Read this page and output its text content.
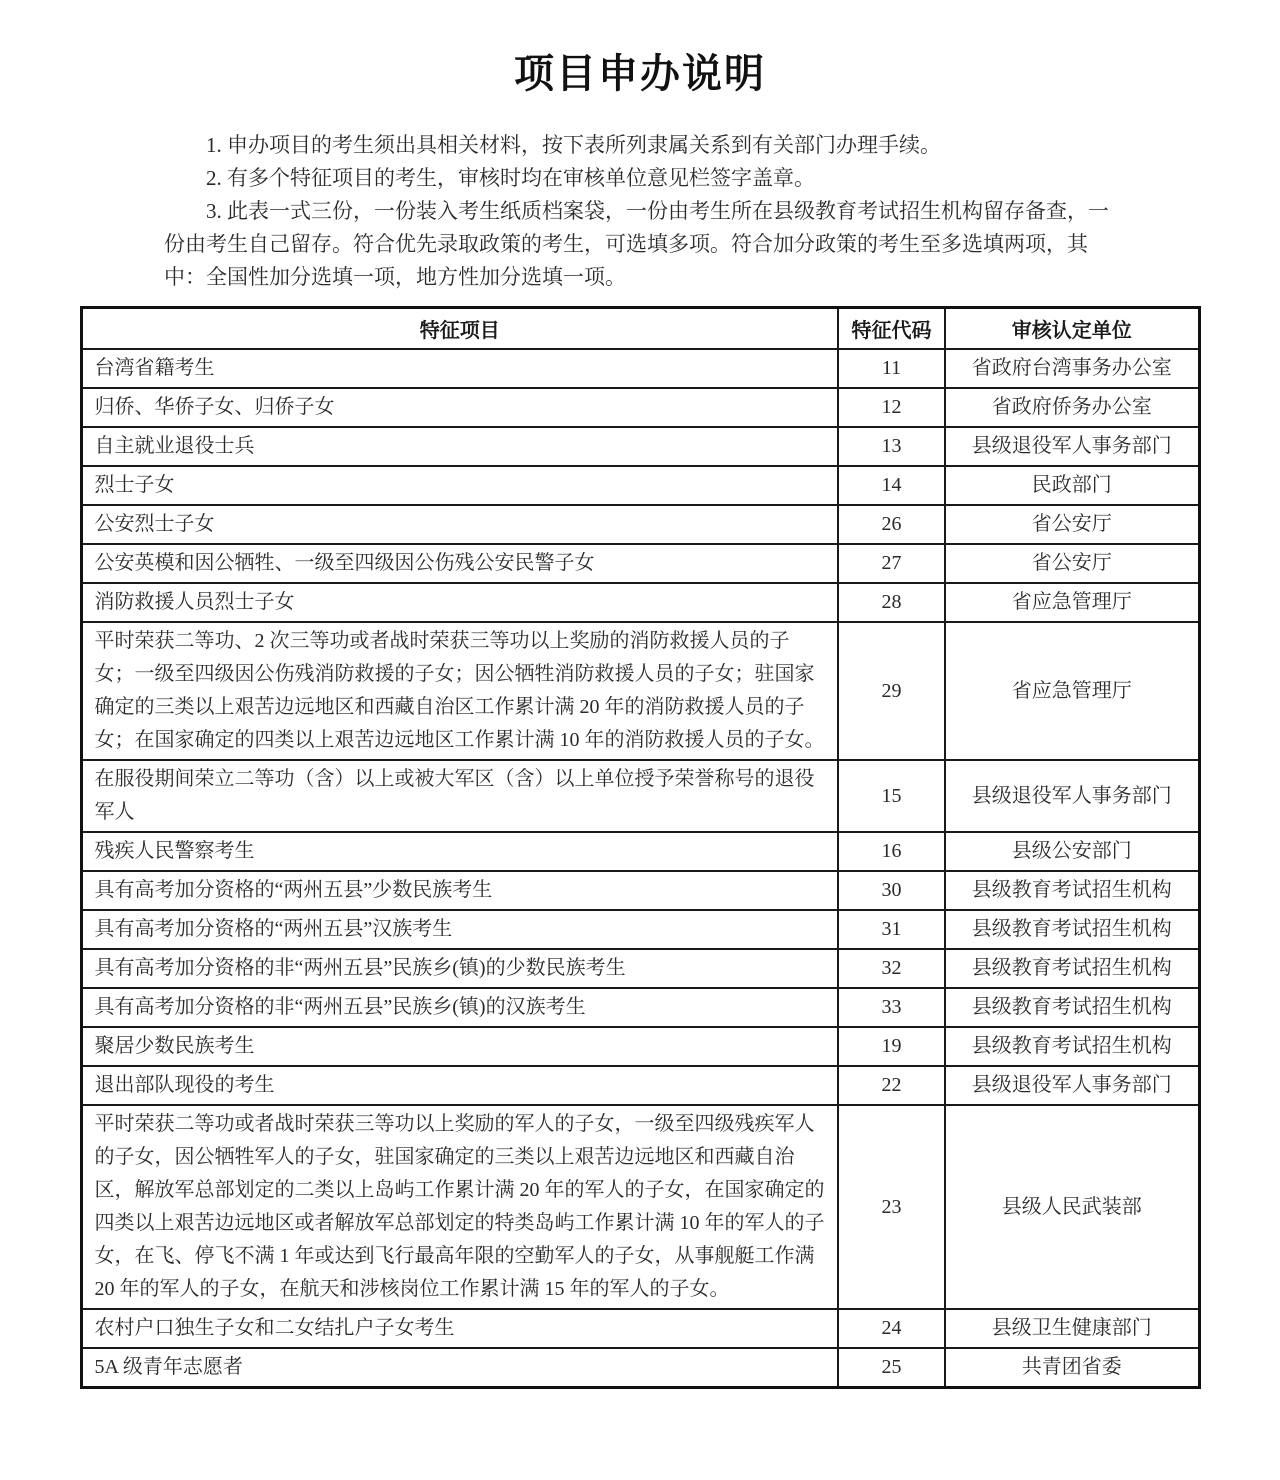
项目申办说明

1. 申办项目的考生须出具相关材料，按下表所列隶属关系到有关部门办理手续。

2. 有多个特征项目的考生，审核时均在审核单位意见栏签字盖章。

3. 此表一式三份，一份装入考生纸质档案袋，一份由考生所在县级教育考试招生机构留存备查，一份由考生自己留存。符合优先录取政策的考生，可选填多项。符合加分政策的考生至多选填两项，其中：全国性加分选填一项，地方性加分选填一项。

特征项目	特征代码	审核认定单位
台湾省籍考生	11	省政府台湾事务办公室
归侨、华侨子女、归侨子女	12	省政府侨务办公室
自主就业退役士兵	13	县级退役军人事务部门
烈士子女	14	民政部门
公安烈士子女	26	省公安厅
公安英模和因公牺牲、一级至四级因公伤残公安民警子女	27	省公安厅
消防救援人员烈士子女	28	省应急管理厅
平时荣获二等功、2 次三等功或者战时荣获三等功以上奖励的消防救援人员的子女；一级至四级因公伤残消防救援的子女；因公牺牲消防救援人员的子女；驻国家确定的三类以上艰苦边远地区和西藏自治区工作累计满 20 年的消防救援人员的子女；在国家确定的四类以上艰苦边远地区工作累计满 10 年的消防救援人员的子女。	29	省应急管理厅
在服役期间荣立二等功（含）以上或被大军区（含）以上单位授予荣誉称号的退役军人	15	县级退役军人事务部门
残疾人民警察考生	16	县级公安部门
具有高考加分资格的“两州五县”少数民族考生	30	县级教育考试招生机构
具有高考加分资格的“两州五县”汉族考生	31	县级教育考试招生机构
具有高考加分资格的非“两州五县”民族乡(镇)的少数民族考生	32	县级教育考试招生机构
具有高考加分资格的非“两州五县”民族乡(镇)的汉族考生	33	县级教育考试招生机构
聚居少数民族考生	19	县级教育考试招生机构
退出部队现役的考生	22	县级退役军人事务部门
平时荣获二等功或者战时荣获三等功以上奖励的军人的子女，一级至四级残疾军人的子女，因公牺牲军人的子女，驻国家确定的三类以上艰苦边远地区和西藏自治区，解放军总部划定的二类以上岛屿工作累计满 20 年的军人的子女，在国家确定的四类以上艰苦边远地区或者解放军总部划定的特类岛屿工作累计满 10 年的军人的子女，在飞、停飞不满 1 年或达到飞行最高年限的空勤军人的子女，从事舰艇工作满 20 年的军人的子女，在航天和涉核岗位工作累计满 15 年的军人的子女。	23	县级人民武装部
农村户口独生子女和二女结扎户子女考生	24	县级卫生健康部门
5A 级青年志愿者	25	共青团省委
